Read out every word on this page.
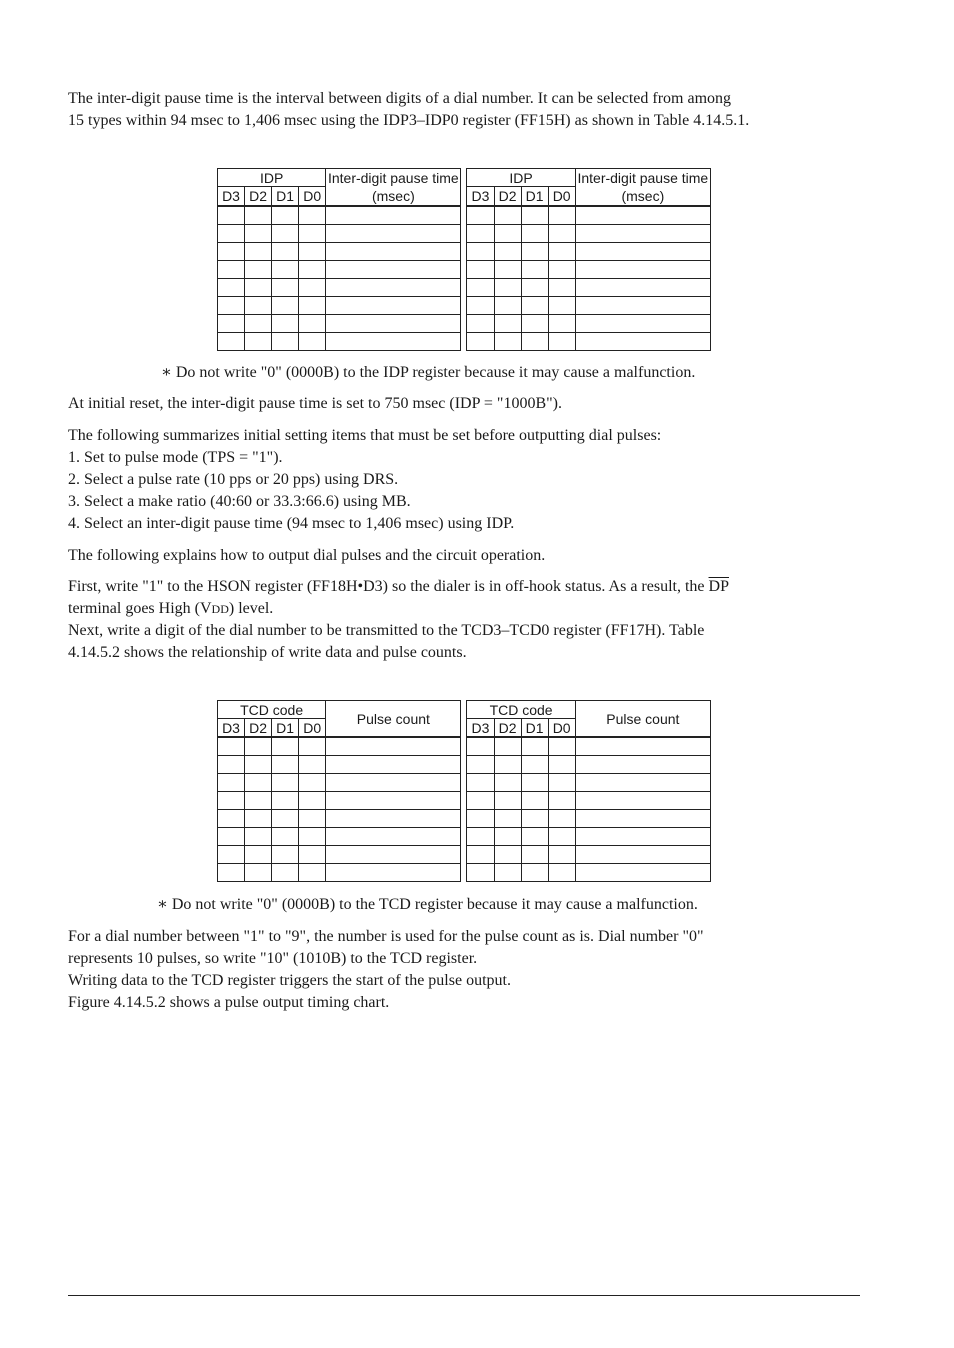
The inter-digit pause time is the interval between digits of a dial number. It can be selected from among

15 types within 94 msec to 1,406 msec using the IDP3–IDP0 register (FF15H) as shown in Table 4.14.5.1.

IDP				Inter-digit pause time (msec)		IDP				Inter-digit pause time (msec)
D3	D2	D1	D0			D3	D2	D1	D0	

∗ Do not write "0" (0000B) to the IDP register because it may cause a malfunction.
At initial reset, the inter-digit pause time is set to 750 msec (IDP = "1000B").

The following summarizes initial setting items that must be set before outputting dial pulses:

1. Set to pulse mode (TPS = "1").

2. Select a pulse rate (10 pps or 20 pps) using DRS.

3. Select a make ratio (40:60 or 33.3:66.6) using MB.

4. Select an inter-digit pause time (94 msec to 1,406 msec) using IDP.

The following explains how to output dial pulses and the circuit operation.

First, write "1" to the HSON register (FF18H•D3) so the dialer is in off-hook status. As a result, the $\overline{DP}$

terminal goes High (VDD) level.

Next, write a digit of the dial number to be transmitted to the TCD3–TCD0 register (FF17H). Table

4.14.5.2 shows the relationship of write data and pulse counts.

TCD code				Pulse count		TCD code				Pulse count
D3	D2	D1	D0			D3	D2	D1	D0	

∗ Do not write "0" (0000B) to the TCD register because it may cause a malfunction.

For a dial number between "1" to "9", the number is used for the pulse count as is. Dial number "0"

represents 10 pulses, so write "10" (1010B) to the TCD register.

Writing data to the TCD register triggers the start of the pulse output.

Figure 4.14.5.2 shows a pulse output timing chart.
